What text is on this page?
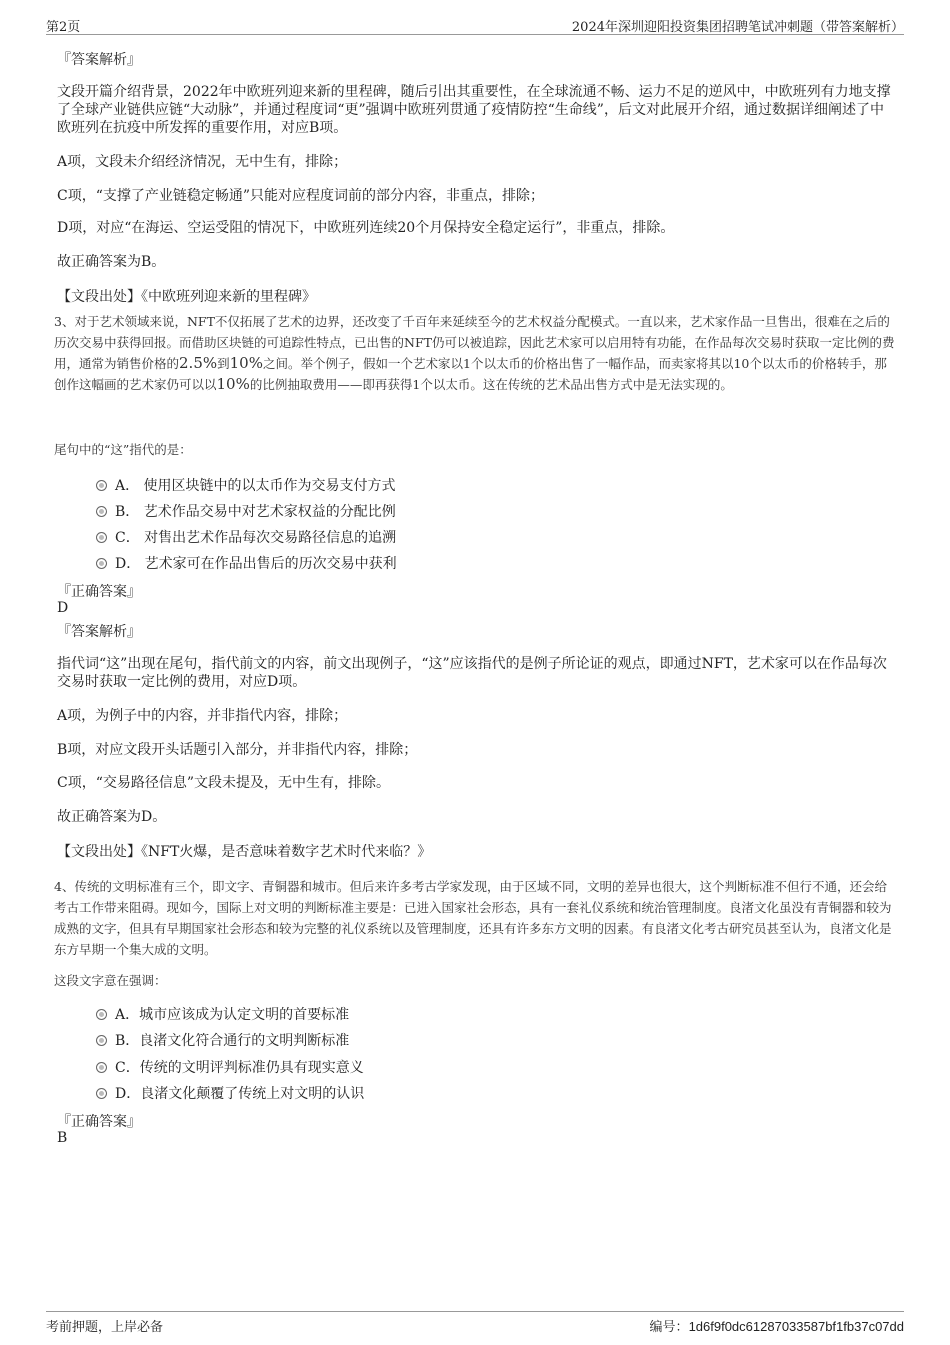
第2页	2024年深圳迎阳投资集团招聘笔试冲刺题（带答案解析）
『答案解析』
文段开篇介绍背景，2022年中欧班列迎来新的里程碑，随后引出其重要性，在全球流通不畅、运力不足的逆风中，中欧班列有力地支撑了全球产业链供应链“大动脉”，并通过程度词“更”强调中欧班列贯通了疫情防控“生命线”，后文对此展开介绍，通过数据详细阐述了中欧班列在抗疫中所发挥的重要作用，对应B项。
A项，文段未介绍经济情况，无中生有，排除；
C项，“支撑了产业链稳定畅通”只能对应程度词前的部分内容，非重点，排除；
D项，对应“在海运、空运受阻的情况下，中欧班列连续20个月保持安全稳定运行”，非重点，排除。
故正确答案为B。
【文段出处】《中欧班列迎来新的里程碑》
3、对于艺术领域来说，NFT不仅拓展了艺术的边界，还改变了千百年来延续至今的艺术权益分配模式。一直以来，艺术家作品一旦售出，很难在之后的历次交易中获得回报。而借助区块链的可追踪性特点，已出售的NFT仍可以被追踪，因此艺术家可以启用特有功能，在作品每次交易时获取一定比例的费用，通常为销售价格的2.5%到10%之间。举个例子，假如一个艺术家以1个以太币的价格出售了一幅作品，而卖家将其以10个以太币的价格转手，那创作这幅画的艺术家仍可以以10%的比例抽取费用——即再获得1个以太币。这在传统的艺术品出售方式中是无法实现的。
尾句中的“这”指代的是：
A． 使用区块链中的以太币作为交易支付方式
B． 艺术作品交易中对艺术家权益的分配比例
C． 对售出艺术作品每次交易路径信息的追溯
D． 艺术家可在作品出售后的历次交易中获利
『正确答案』
D
『答案解析』
指代词“这”出现在尾句，指代前文的内容，前文出现例子，“这”应该指代的是例子所论证的观点，即通过NFT，艺术家可以在作品每次交易时获取一定比例的费用，对应D项。
A项，为例子中的内容，并非指代内容，排除；
B项，对应文段开头话题引入部分，并非指代内容，排除；
C项，“交易路径信息”文段未提及，无中生有，排除。
故正确答案为D。
【文段出处】《NFT火爆，是否意味着数字艺术时代来临？》
4、传统的文明标准有三个，即文字、青铜器和城市。但后来许多考古学家发现，由于区域不同，文明的差异也很大，这个判断标准不但行不通，还会给考古工作带来阻碍。现如今，国际上对文明的判断标准主要是：已进入国家社会形态，具有一套礼仪系统和统治管理制度。良渚文化虽没有青铜器和较为成熟的文字，但具有早期国家社会形态和较为完整的礼仪系统以及管理制度，还具有许多东方文明的因素。有良渚文化考古研究员甚至认为，良渚文化是东方早期一个集大成的文明。
这段文字意在强调：
A．城市应该成为认定文明的首要标准
B．良渚文化符合通行的文明判断标准
C．传统的文明评判标准仍具有现实意义
D．良渚文化颠覆了传统上对文明的认识
『正确答案』
B
考前押题，上岸必备	编号：1d6f9f0dc61287033587bf1fb37c07dd
